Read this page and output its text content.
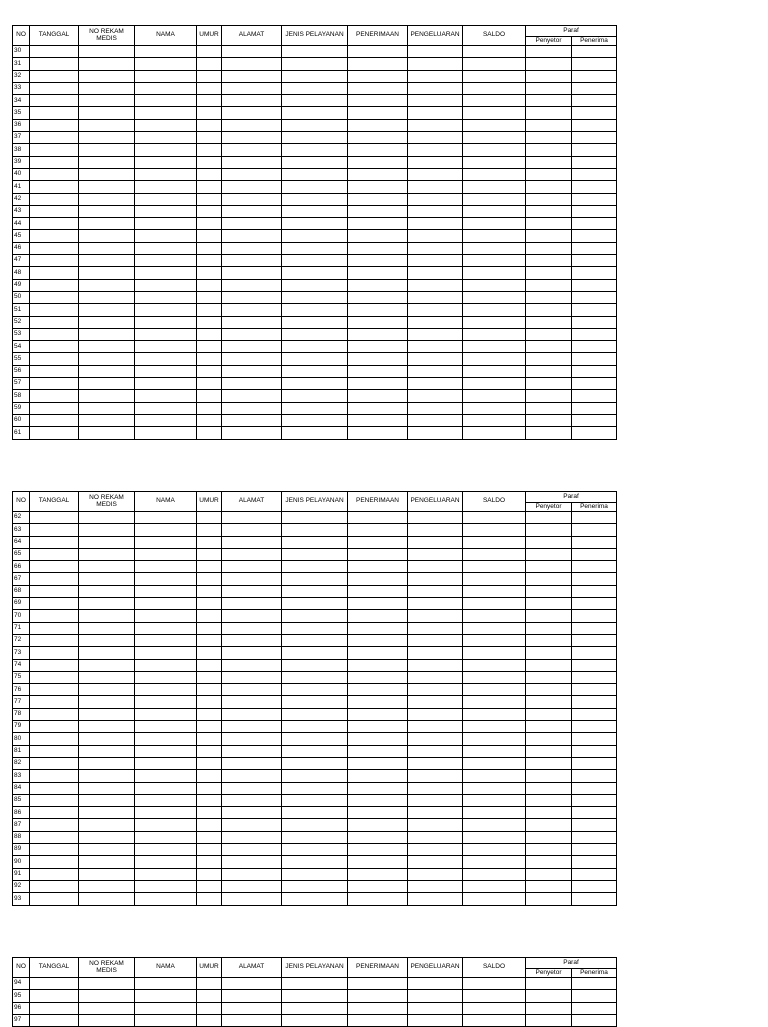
NO	TANGGAL	NO REKAM MEDIS	NAMA	UMUR	ALAMAT	JENIS PELAYANAN	PENERIMAAN	PENGELUARAN	SALDO	Paraf	
										Penyetor	Penerima
30											
31											
32											
33											
34											
35											
36											
37											
38											
39											
40											
41											
42											
43											
44											
45											
46											
47											
48											
49											
50											
51											
52											
53											
54											
55											
56											
57											
58											
59											
60											
61											
NO	TANGGAL	NO REKAM MEDIS	NAMA	UMUR	ALAMAT	JENIS PELAYANAN	PENERIMAAN	PENGELUARAN	SALDO	Paraf	
										Penyetor	Penerima
62											
63											
64											
65											
66											
67											
68											
69											
70											
71											
72											
73											
74											
75											
76											
77											
78											
79											
80											
81											
82											
83											
84											
85											
86											
87											
88											
89											
90											
91											
92											
93											
NO	TANGGAL	NO REKAM MEDIS	NAMA	UMUR	ALAMAT	JENIS PELAYANAN	PENERIMAAN	PENGELUARAN	SALDO	Paraf	
										Penyetor	Penerima
94											
95											
96											
97											
